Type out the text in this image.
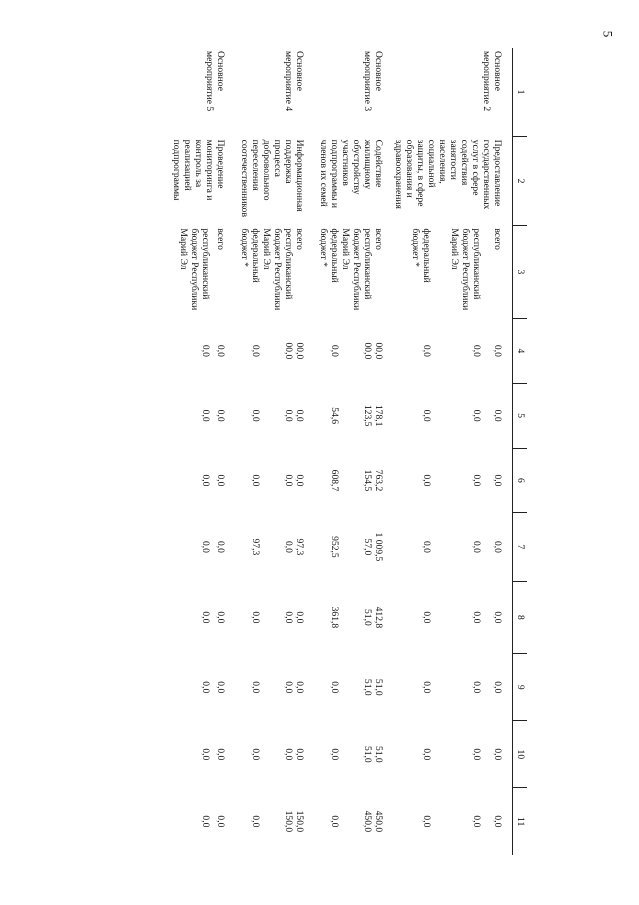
5
1	2	3	4	5	6	7	8	9	10	11
Основное мероприятие 2	Предоставление государственных услуг в сфере содействия занятости населения, социальной защиты, в сфере образования и здравоохранения	всего	0,0	0,0	0,0	0,0	0,0	0,0	0,0	0,0
		республиканский бюджет Республики Марий Эл	0,0	0,0	0,0	0,0	0,0	0,0	0,0	0,0
		федеральный бюджет *	0,0	0,0	0,0	0,0	0,0	0,0	0,0	0,0
Основное мероприятие 3	Содействие жилищному обустройству участников подпрограммы и членов их семей	всего	00,0	178,1	763,2	1 009,5	412,8	51,0	51,0	450,0
		республиканский бюджет Республики Марий Эл	00,0	123,5	154,5	57,0	51,0	51,0	51,0	450,0
		федеральный бюджет *	0,0	54,6	608,7	952,5	361,8	0,0	0,0	0,0
Основное мероприятие 4	Информационная поддержка процесса добровольного переселения соотечественников	всего	00,0	0,0	0,0	97,3	0,0	0,0	0,0	150,0
		республиканский бюджет Республики Марий Эл	00,0	0,0	0,0	0,0	0,0	0,0	0,0	150,0
		федеральный бюджет *	0,0	0,0	0,0	97,3	0,0	0,0	0,0	0,0
Основное мероприятие 5	Проведение мониторинга и контроль за реализацией подпрограммы	всего	0,0	0,0	0,0	0,0	0,0	0,0	0,0	0,0
		республиканский бюджет Республики Марий Эл	0,0	0,0	0,0	0,0	0,0	0,0	0,0	0,0
